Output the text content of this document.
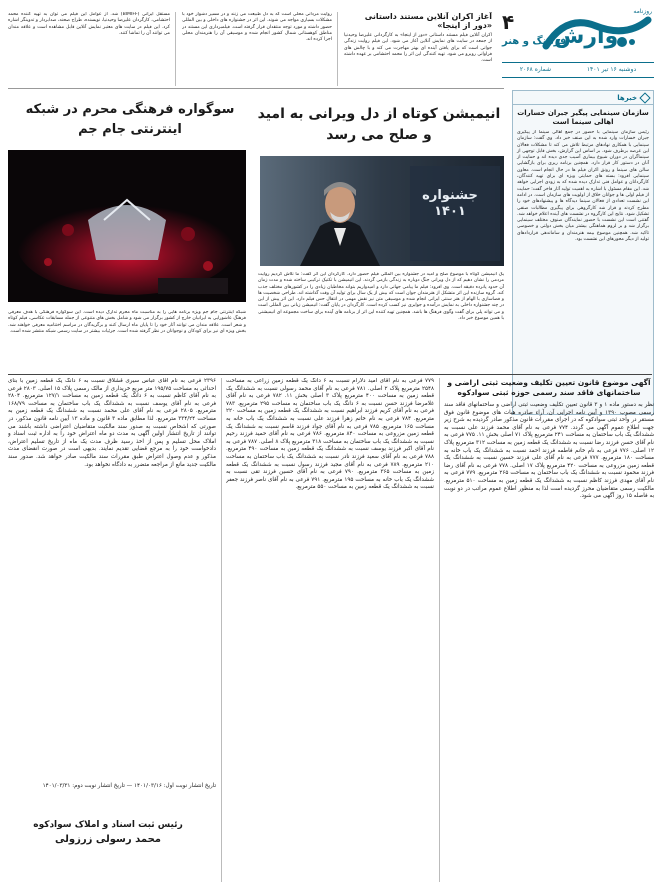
وارش
روزنامه
۴
فرهنگ و هنر
دوشنبه ۱۶ تیر ۱۴۰۱
شماره ۲۰۶۸
آغاز اکران آنلاین مستند داستانی «دور از اینجا»

اکران آنلاین فیلم مستند داستانی «دور از اینجا» به کارگردانی علیرضا وحیدنیا از جمعه در سایت های نمایش آنلاین آغاز می شود. این فیلم روایت زندگی جوانی است که برای یافتن آینده ای بهتر مهاجرت می کند و با چالش های فراوانی روبرو می شود. تهیه کنندگی این اثر را محمد احتشامی بر عهده داشته است.

روایت مردانی محلی است که به دل طبیعت می زنند و در مسیر دشوار خود با مشکلات بسیاری مواجه می شوند. این اثر در جشنواره های داخلی و بین المللی حضور داشته و مورد توجه منتقدان قرار گرفته است. فیلمبرداری این مستند در مناطق کوهستانی شمال کشور انجام شده و موسیقی آن را هنرمندان محلی اجرا کرده اند.

مستقل ایرانی (BIMIFF) شد. از عوامل این فیلم می توان به تهیه کننده محمد احتشامی، کارگردان علیرضا وحیدنیا، نویسنده، طراح صحنه، صدابردار و تدوینگر اشاره کرد. این فیلم در سایت های معتبر نمایش آنلاین قابل مشاهده است و علاقه مندان می توانند آن را تماشا کنند.

خبرها
سازمان سینمایی پیگیر جبران خسارات اهالی سینما است

رئیس سازمان سینمایی با حضور در جمع اهالی سینما از پیگیری جبران خسارات وارد شده به این صنف خبر داد. وی گفت: سازمان سینمایی با همکاری نهادهای مرتبط تلاش می کند تا مشکلات فعالان این عرصه برطرف شود. بر اساس این گزارش، بخش قابل توجهی از سینماگران در دوران شیوع بیماری آسیب جدی دیده اند و حمایت از آنان در دستور کار قرار دارد. همچنین برنامه ریزی برای بازگشایی سالن های سینما و رونق اکران فیلم ها در حال انجام است. معاون سینمایی افزود: بسته های حمایتی ویژه ای برای تهیه کنندگان، کارگردانان و عوامل فنی تدارک دیده شده که به زودی اجرایی خواهد شد. این مقام مسئول با اشاره به اهمیت تولید آثار فاخر گفت: حمایت از فیلم اولی ها و جوانان خلاق از اولویت های سازمان است. در ادامه این نشست تعدادی از فعالان سینما دیدگاه ها و پیشنهادهای خود را مطرح کردند و قرار شد کارگروهی برای پیگیری مطالبات صنفی تشکیل شود. نتایج این کارگروه در نشست های آینده اعلام خواهد شد. گفتنی است این نشست با حضور نمایندگان صنوف مختلف سینمایی برگزار شد و بر لزوم هماهنگی بیشتر میان بخش دولتی و خصوصی تاکید شد. همچنین موضوع بیمه هنرمندان و ساماندهی قراردادهای تولید از دیگر محورهای این نشست بود.

انیمیشن کوتاه از دل ویرانی به امید و صلح می رسد
جشنواره ۱۴۰۱

یک انیمیشن کوتاه با موضوع صلح و امید در جشنواره بین المللی فیلم حضور دارد. کارگردان این اثر گفت: ما تلاش کردیم روایت مردمی را نشان دهیم که از دل ویرانی جنگ دوباره به زندگی بازمی گردند. این انیمیشن با تکنیک ترکیبی ساخته شده و مدت زمان آن حدود پانزده دقیقه است. وی افزود: فیلم ما پیامی جهانی دارد و امیدواریم بتواند مخاطبان زیادی را در کشورهای مختلف جذب کند. گروه سازنده این اثر متشکل از هنرمندان جوان است که بیش از یک سال برای تولید آن وقت گذاشته اند. طراحی شخصیت ها و فضاسازی با الهام از هنر سنتی ایرانی انجام شده و موسیقی متن نیز نقش مهمی در انتقال حس فیلم دارد. این اثر پیش از این در چند جشنواره داخلی به نمایش درآمده و جوایزی نیز کسب کرده است. کارگردان در پایان گفت: انیمیشن زبانی بین المللی است و می تواند پلی برای گفت وگوی فرهنگ ها باشد. همچنین تهیه کننده این اثر از برنامه های آینده برای ساخت مجموعه ای انیمیشنی با همین موضوع خبر داد.

سوگواره فرهنگی محرم در شبکه اینترنتی جام جم

شبکه اینترنتی جام جم ویژه برنامه هایی را به مناسبت ماه محرم تدارک دیده است. این سوگواره فرهنگی با هدف معرفی فرهنگ عاشورایی به ایرانیان خارج از کشور برگزار می شود و شامل بخش های متنوعی از جمله مسابقات عکاسی، فیلم کوتاه و شعر است. علاقه مندان می توانند آثار خود را تا پایان ماه ارسال کنند و برگزیدگان در مراسم اختتامیه معرفی خواهند شد. بخش ویژه ای نیز برای کودکان و نوجوانان در نظر گرفته شده است. جزئیات بیشتر در سایت رسمی شبکه منتشر شده است.

آگهی موضوع قانون تعیین تکلیف وضعیت ثبتی اراضی و ساختمانهای فاقد سند رسمی حوزه ثبتی سوادکوه

نظر به دستور ماده ۱ و ۳ قانون تعیین تکلیف وضعیت ثبتی اراضی و ساختمانهای فاقد سند رسمی مصوب ۱۳۹۰ و آیین نامه اجرایی آن، آراء صادره هیات های موضوع قانون فوق مستقر در واحد ثبتی سوادکوه که در اجرای مقررات قانون مذکور صادر گردیده به شرح زیر جهت اطلاع عموم آگهی می گردد. ۷۷۴ فرعی به نام آقای محمد فرزند علی نسبت به ششدانگ یک باب ساختمان به مساحت ۲۴۱ مترمربع پلاک ۷۱ اصلی بخش ۱۱. ۷۷۵ فرعی به نام آقای حسن فرزند رضا نسبت به ششدانگ یک قطعه زمین به مساحت ۳۱۲ مترمربع پلاک ۱۲ اصلی. ۷۷۶ فرعی به نام خانم فاطمه فرزند احمد نسبت به ششدانگ یک باب خانه به مساحت ۱۸۰ مترمربع. ۷۷۷ فرعی به نام آقای علی فرزند حسین نسبت به ششدانگ یک قطعه زمین مزروعی به مساحت ۴۲۰ مترمربع پلاک ۱۷ اصلی. ۷۷۸ فرعی به نام آقای رضا فرزند محمود نسبت به ششدانگ یک باب ساختمان به مساحت ۲۶۵ مترمربع. ۷۷۹ فرعی به نام آقای مهدی فرزند کاظم نسبت به ششدانگ یک قطعه زمین به مساحت ۵۱۰ مترمربع. مالکیت رسمی متقاضیان محرز گردیده است لذا به منظور اطلاع عموم مراتب در دو نوبت به فاصله ۱۵ روز آگهی می شود.

۷۷۹ فرعی به نام آقای امید دلارام نسبت به ۶ دانگ یک قطعه زمین زراعی به مساحت ۲۵۴۸ مترمربع پلاک ۲ اصلی. ۷۸۱ فرعی به نام آقای محمد رسولی نسبت به ششدانگ یک قطعه زمین به مساحت ۴۰۰ مترمربع پلاک ۳ اصلی بخش ۱۱. ۷۸۲ فرعی به نام آقای غلامرضا فرزند حسن نسبت به ۶ دانگ یک باب ساختمان به مساحت ۲۹۵ مترمربع. ۷۸۳ فرعی به نام آقای کریم فرزند ابراهیم نسبت به ششدانگ یک قطعه زمین به مساحت ۲۲۰ مترمربع. ۷۸۴ فرعی به نام خانم زهرا فرزند علی نسبت به ششدانگ یک باب خانه به مساحت ۱۶۵ مترمربع. ۷۸۵ فرعی به نام آقای جواد فرزند قاسم نسبت به ششدانگ یک قطعه زمین مزروعی به مساحت ۸۴۰ مترمربع. ۷۸۶ فرعی به نام آقای حمید فرزند رحیم نسبت به ششدانگ یک باب ساختمان به مساحت ۳۱۸ مترمربع پلاک ۸ اصلی. ۷۸۷ فرعی به نام آقای اکبر فرزند یوسف نسبت به ششدانگ یک قطعه زمین به مساحت ۴۹۰ مترمربع. ۷۸۸ فرعی به نام آقای سعید فرزند نادر نسبت به ششدانگ یک باب ساختمان به مساحت ۲۱۰ مترمربع. ۷۸۹ فرعی به نام آقای مجید فرزند رسول نسبت به ششدانگ یک قطعه زمین به مساحت ۳۶۵ مترمربع. ۷۹۰ فرعی به نام آقای حسین فرزند تقی نسبت به ششدانگ یک باب خانه به مساحت ۱۹۵ مترمربع. ۷۹۱ فرعی به نام آقای ناصر فرزند جعفر نسبت به ششدانگ یک قطعه زمین به مساحت ۵۵۰ مترمربع.

۲۳۹۶ فرعی به نام آقای عباس سیری قشلاق نسبت به ۶ دانگ یک قطعه زمین با بنای احداثی به مساحت ۱۹۵/۷۵ متر مربع خریداری از مالک رسمی پلاک ۱۵ اصلی. ۲۸۰۳ فرعی به نام آقای کاظم نسبت به ۶ دانگ یک قطعه زمین به مساحت ۱۲۷/۱ مترمربع. ۲۸۰۴ فرعی به نام آقای یوسف نسبت به ششدانگ یک باب ساختمان به مساحت ۱۶۸/۷۹ مترمربع. ۲۸۰۵ فرعی به نام آقای علی محمد نسبت به ششدانگ یک قطعه زمین به مساحت ۳۳۴/۲۴ مترمربع. لذا مطابق ماده ۳ قانون و ماده ۱۳ آیین نامه قانون مذکور، در صورتی که اشخاص نسبت به صدور سند مالکیت متقاضیان اعتراضی داشته باشند می توانند از تاریخ انتشار اولین آگهی به مدت دو ماه اعتراض خود را به اداره ثبت اسناد و املاک محل تسلیم و پس از اخذ رسید ظرف مدت یک ماه از تاریخ تسلیم اعتراض، دادخواست خود را به مرجع قضایی تقدیم نمایند. بدیهی است در صورت انقضای مدت مذکور و عدم وصول اعتراض طبق مقررات سند مالکیت صادر خواهد شد. صدور سند مالکیت جدید مانع از مراجعه متضرر به دادگاه نخواهد بود.

تاریخ انتشار نوبت اول: ۱۴۰۱/۰۳/۱۶ — تاریخ انتشار نوبت دوم: ۱۴۰۱/۰۳/۳۱
رئیس ثبت اسناد و املاک سوادکوه
محمد رسولی زرزولی
